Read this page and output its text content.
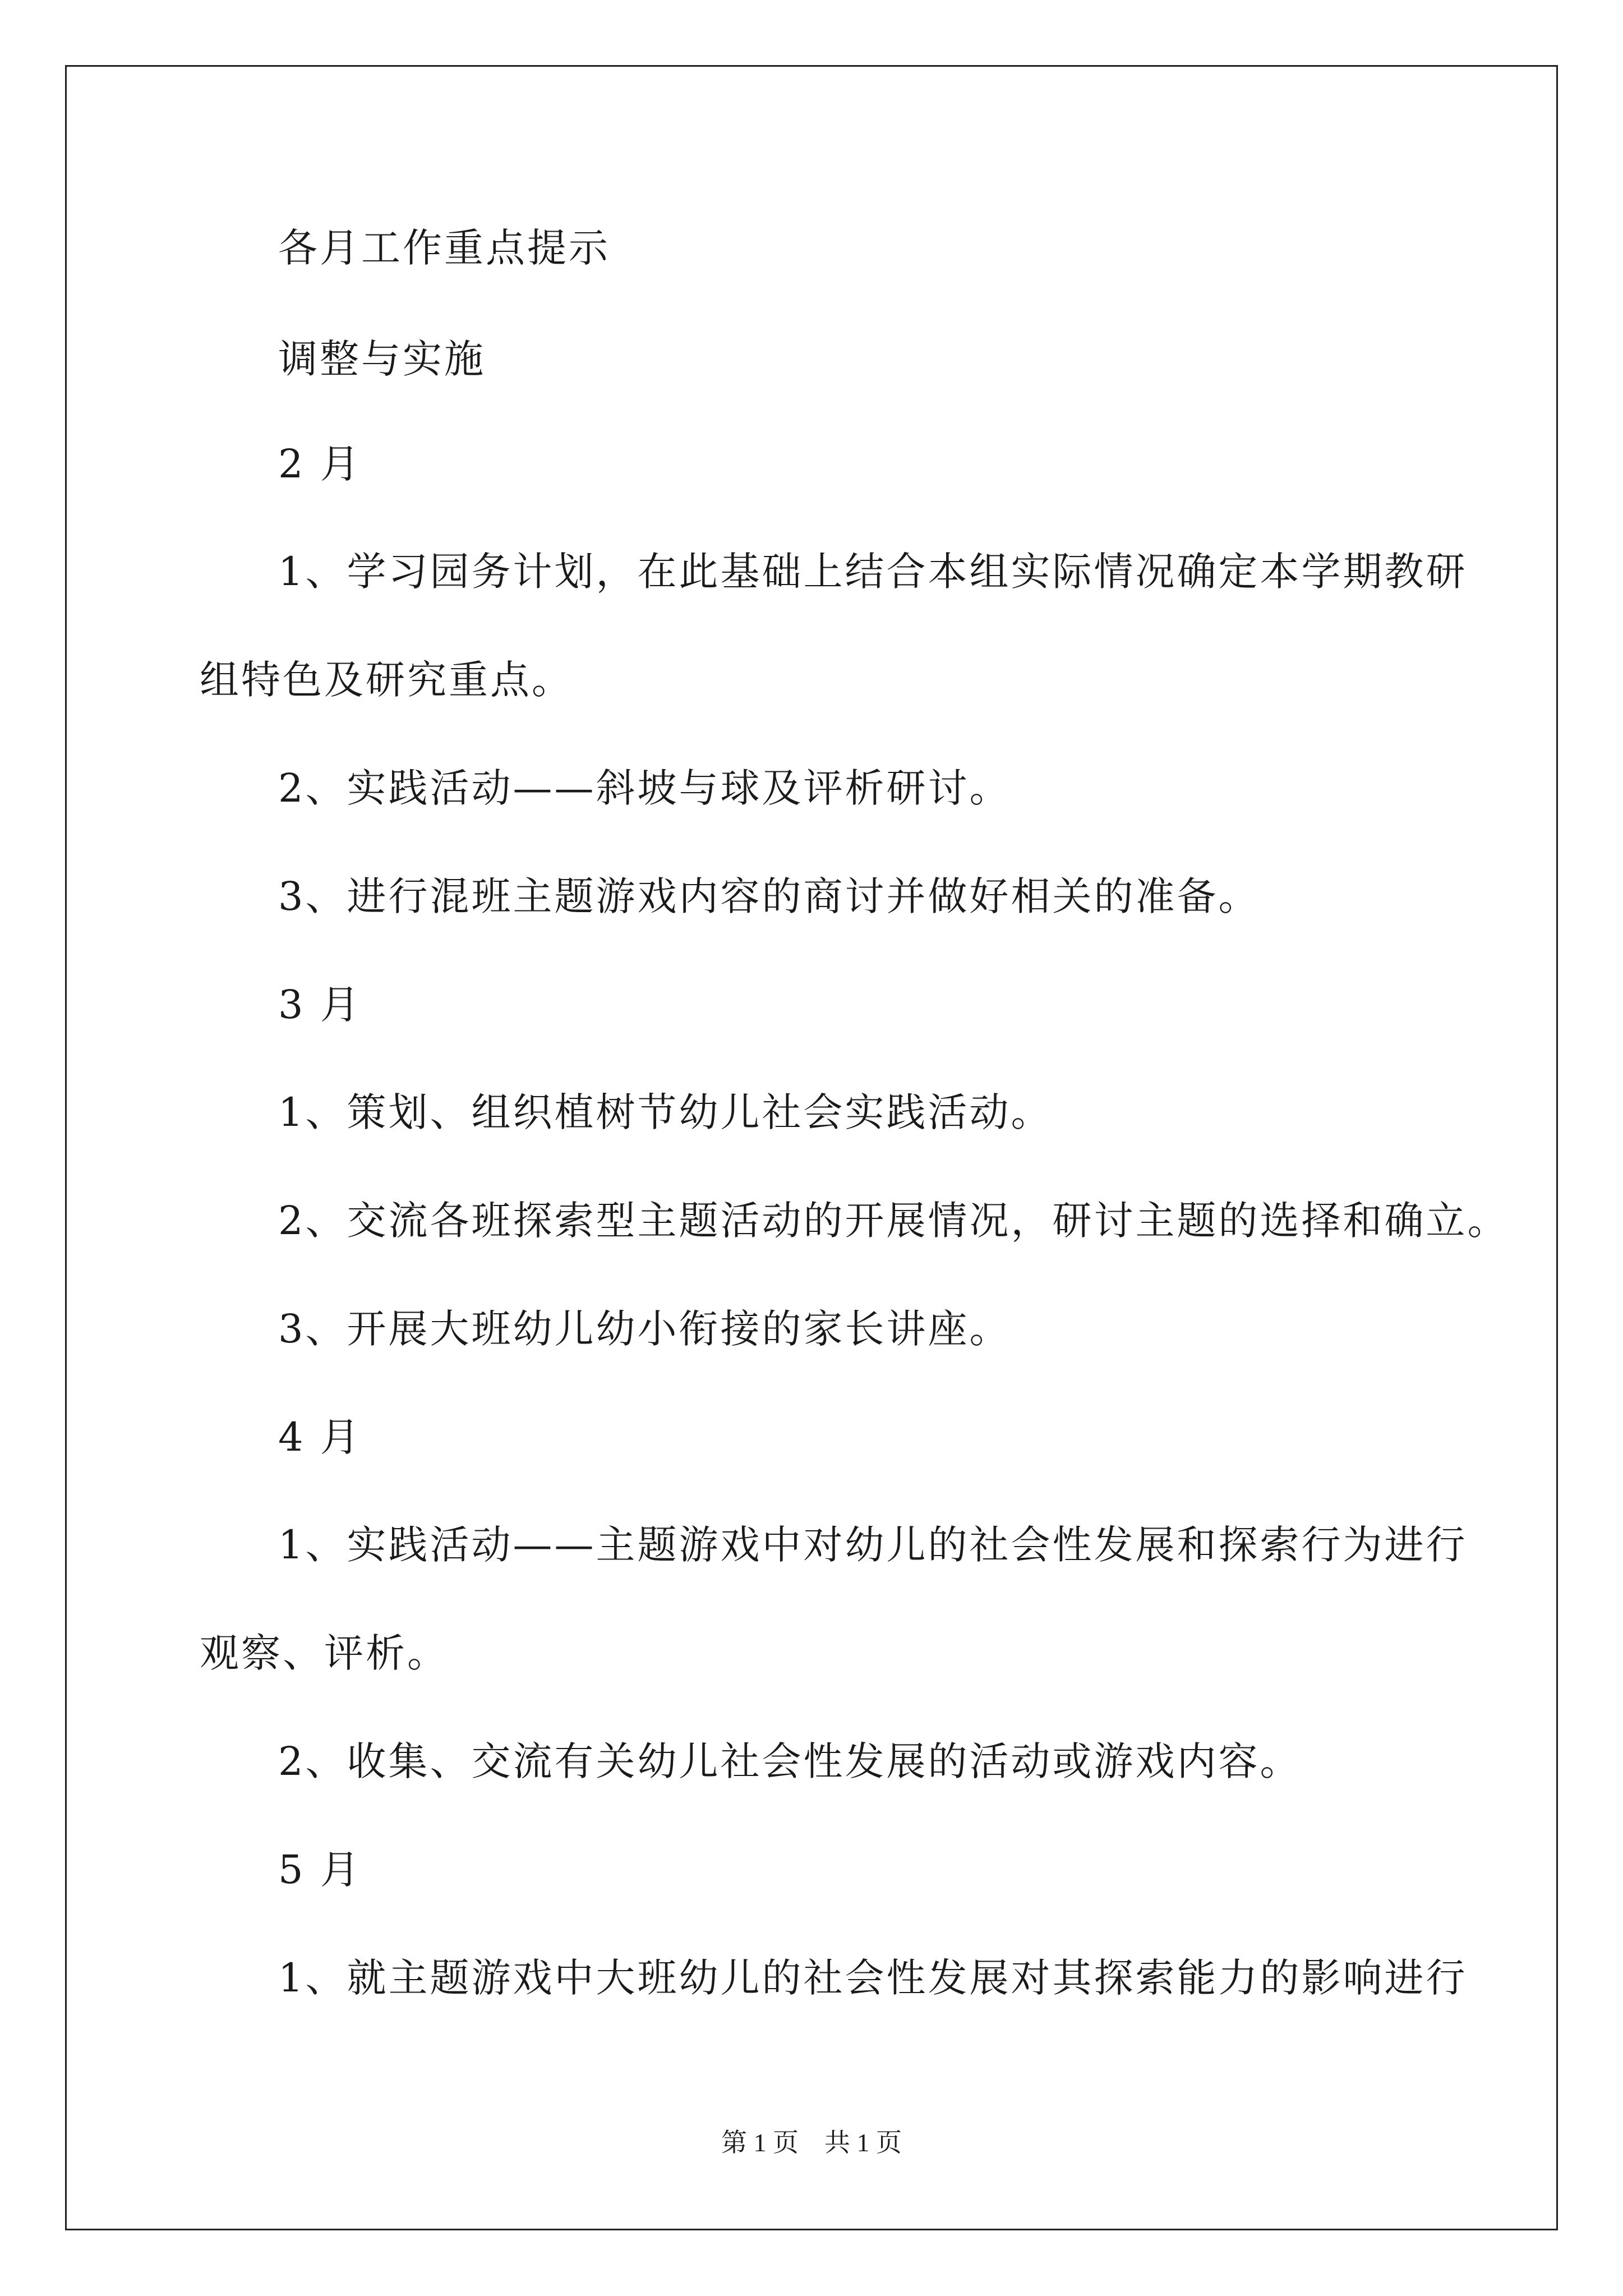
各月工作重点提示
调整与实施
2 月
1、学习园务计划，在此基础上结合本组实际情况确定本学期教研
组特色及研究重点。
2、实践活动——斜坡与球及评析研讨。
3、进行混班主题游戏内容的商讨并做好相关的准备。
3 月
1、策划、组织植树节幼儿社会实践活动。
2、交流各班探索型主题活动的开展情况，研讨主题的选择和确立。
3、开展大班幼儿幼小衔接的家长讲座。
4 月
1、实践活动——主题游戏中对幼儿的社会性发展和探索行为进行
观察、评析。
2、收集、交流有关幼儿社会性发展的活动或游戏内容。
5 月
1、就主题游戏中大班幼儿的社会性发展对其探索能力的影响进行
第 1 页 共 1 页
